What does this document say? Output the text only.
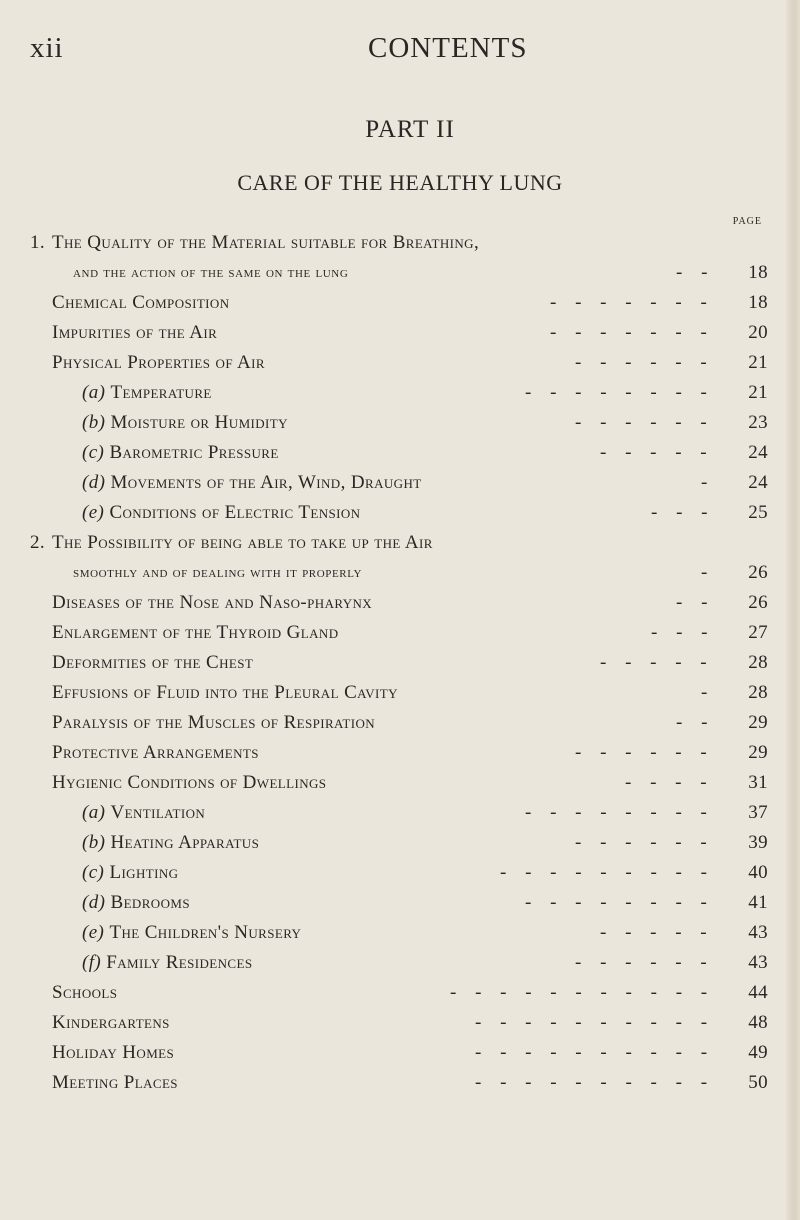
xii	CONTENTS
PART II
CARE OF THE HEALTHY LUNG
PAGE
1. The Quality of the Material suitable for Breathing,
and the action of the same on the lung	- -	18
Chemical Composition	- - - - - - -	18
Impurities of the Air	- - - - - - -	20
Physical Properties of Air	- - - - - -	21
(a) Temperature	- - - - - - - -	21
(b) Moisture or Humidity	- - - - - -	23
(c) Barometric Pressure	- - - - -	24
(d) Movements of the Air, Wind, Draught	-	24
(e) Conditions of Electric Tension	- - -	25
2. The Possibility of being able to take up the Air
smoothly and of dealing with it properly	-	26
Diseases of the Nose and Naso-pharynx	- -	26
Enlargement of the Thyroid Gland	- - -	27
Deformities of the Chest	- - - - -	28
Effusions of Fluid into the Pleural Cavity	-	28
Paralysis of the Muscles of Respiration	- -	29
Protective Arrangements	- - - - - -	29
Hygienic Conditions of Dwellings	- - - -	31
(a) Ventilation	- - - - - - - -	37
(b) Heating Apparatus	- - - - - -	39
(c) Lighting	- - - - - - - - -	40
(d) Bedrooms	- - - - - - - -	41
(e) The Children's Nursery	- - - - -	43
(f) Family Residences	- - - - - -	43
Schools	- - - - - - - - - - -	44
Kindergartens	- - - - - - - - - -	48
Holiday Homes	- - - - - - - - - -	49
Meeting Places	- - - - - - - - - -	50
